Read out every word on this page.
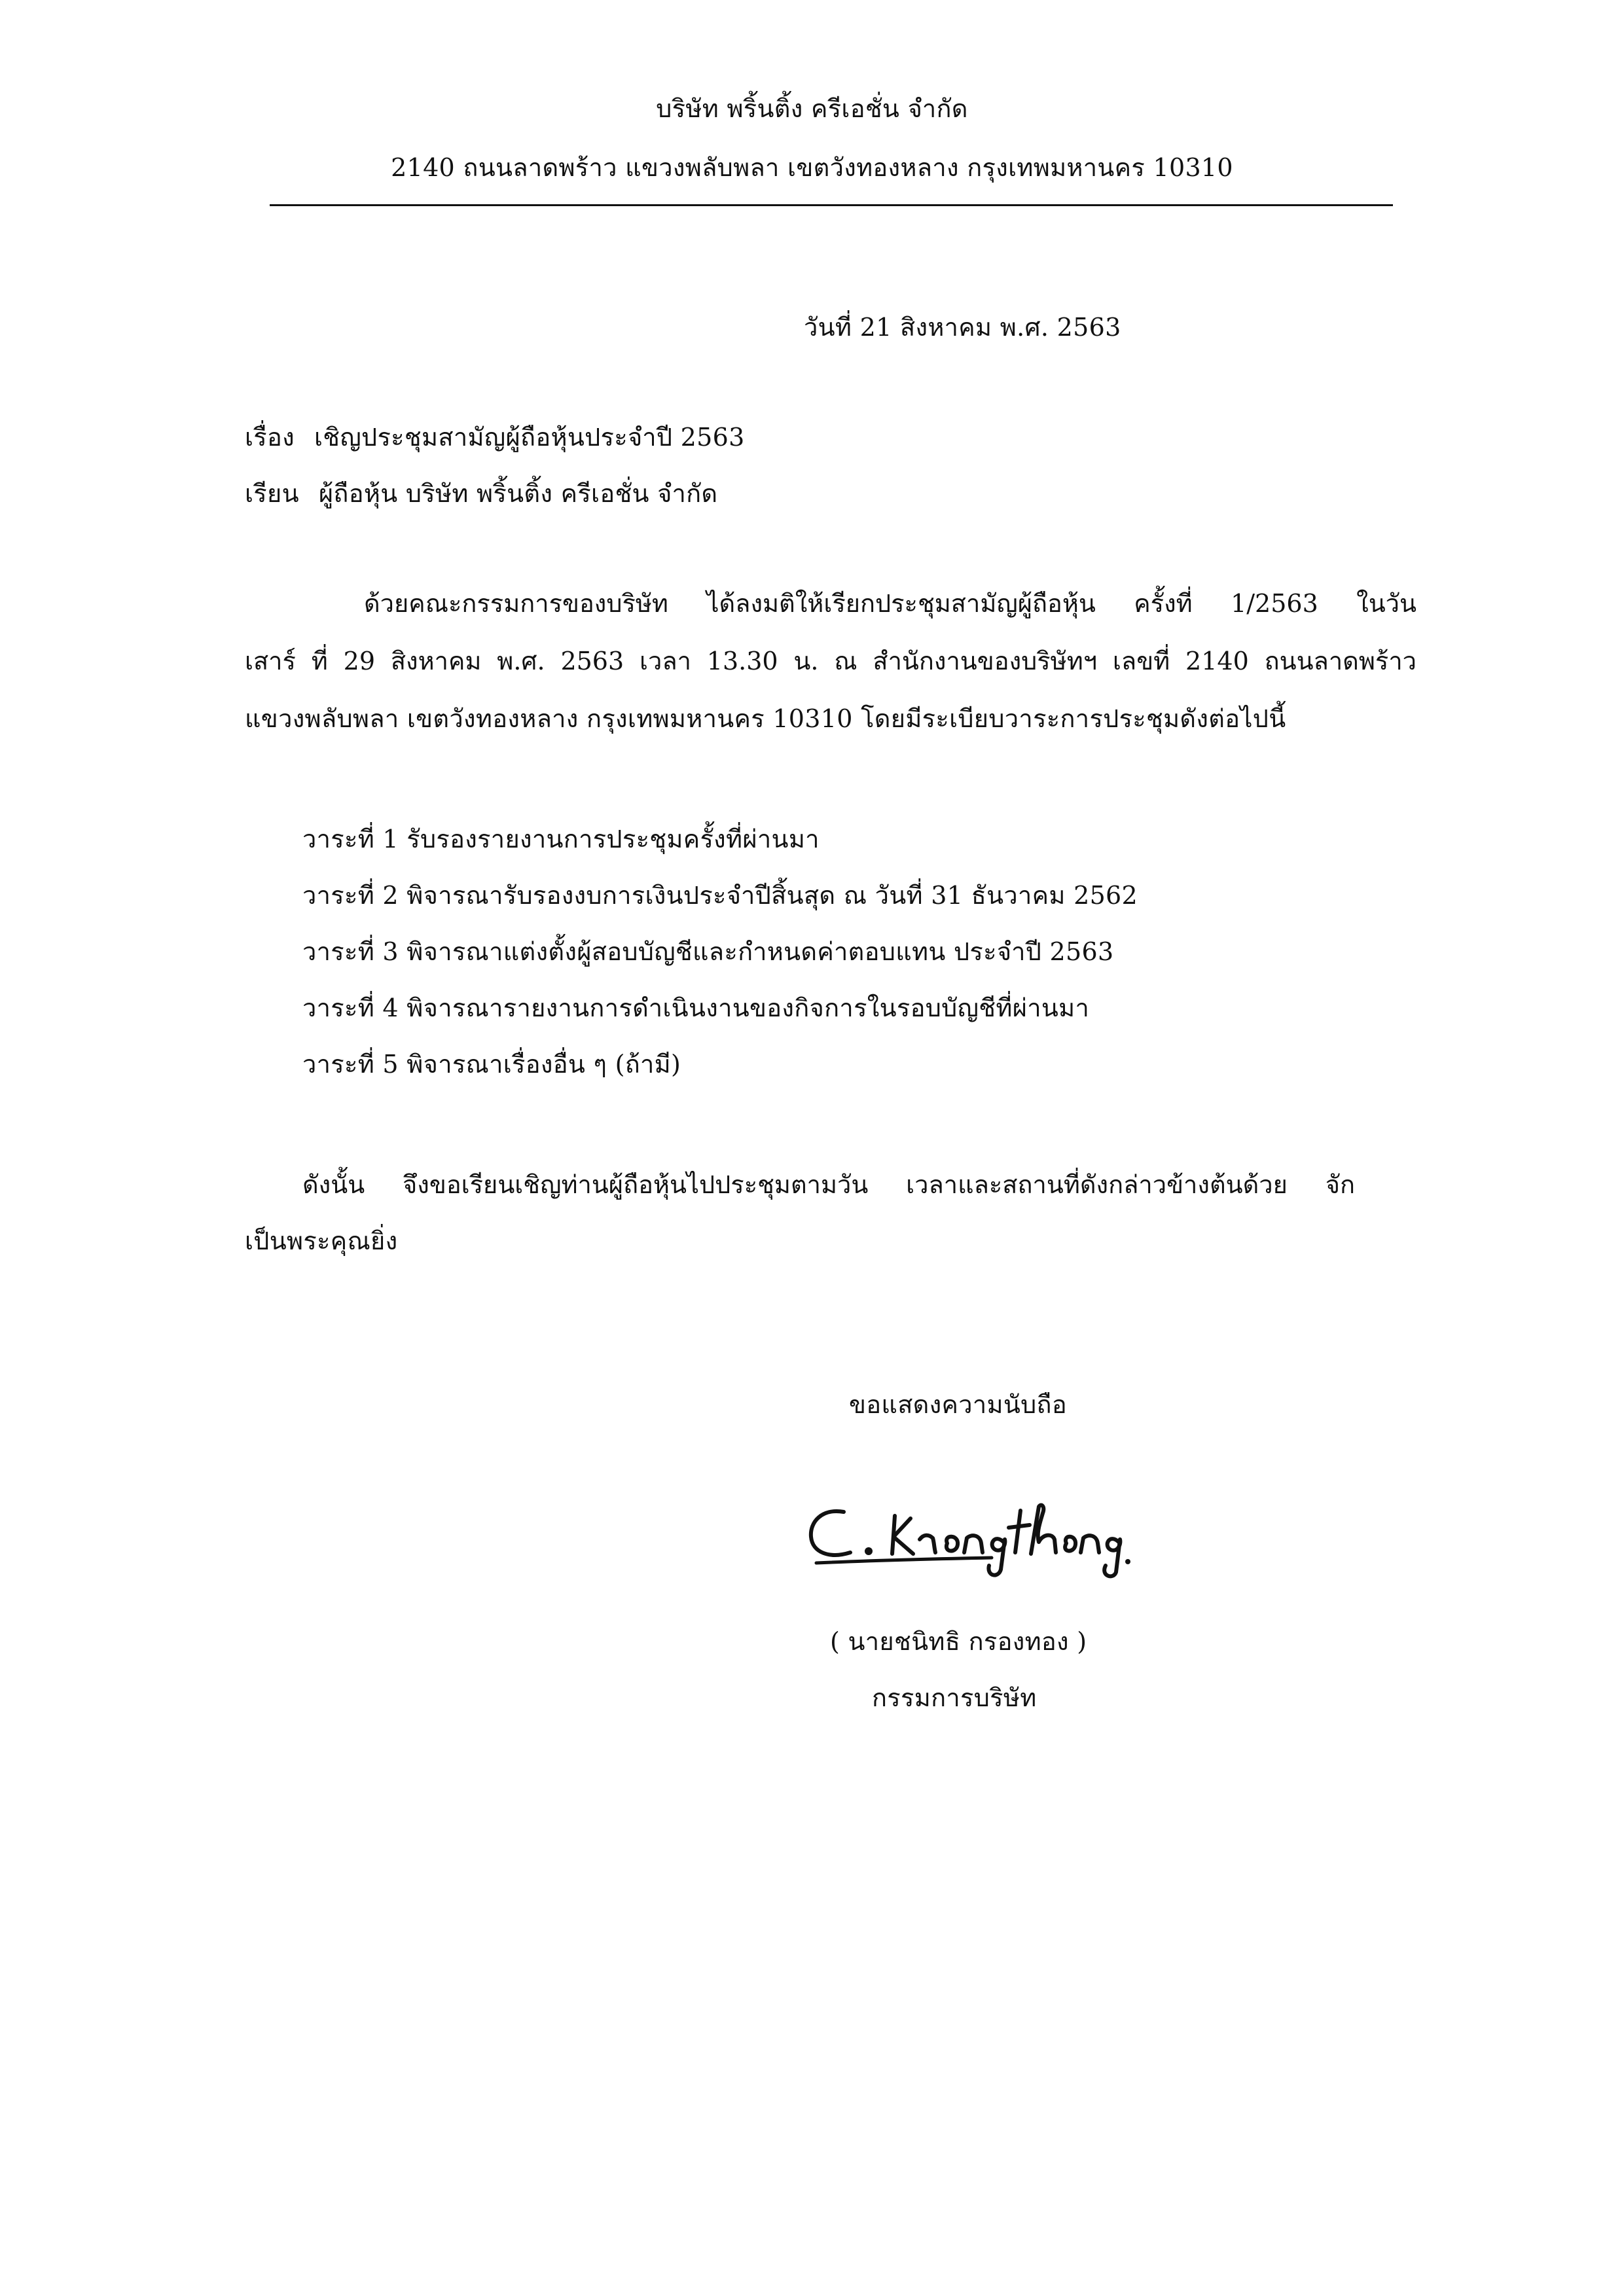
บริษัท พริ้นติ้ง ครีเอชั่น จำกัด
2140 ถนนลาดพร้าว แขวงพลับพลา เขตวังทองหลาง กรุงเทพมหานคร 10310
วันที่ 21 สิงหาคม พ.ศ. 2563
เรื่อง เชิญประชุมสามัญผู้ถือหุ้นประจำปี 2563
เรียน ผู้ถือหุ้น บริษัท พริ้นติ้ง ครีเอชั่น จำกัด
ด้วยคณะกรรมการของบริษัท ได้ลงมติให้เรียกประชุมสามัญผู้ถือหุ้น ครั้งที่ 1/2563 ในวัน
เสาร์ ที่ 29 สิงหาคม พ.ศ. 2563 เวลา 13.30 น. ณ สำนักงานของบริษัทฯ เลขที่ 2140 ถนนลาดพร้าว
แขวงพลับพลา เขตวังทองหลาง กรุงเทพมหานคร 10310 โดยมีระเบียบวาระการประชุมดังต่อไปนี้
วาระที่ 1 รับรองรายงานการประชุมครั้งที่ผ่านมา
วาระที่ 2 พิจารณารับรองงบการเงินประจำปีสิ้นสุด ณ วันที่ 31 ธันวาคม 2562
วาระที่ 3 พิจารณาแต่งตั้งผู้สอบบัญชีและกำหนดค่าตอบแทน ประจำปี 2563
วาระที่ 4 พิจารณารายงานการดำเนินงานของกิจการในรอบบัญชีที่ผ่านมา
วาระที่ 5 พิจารณาเรื่องอื่น ๆ (ถ้ามี)
ดังนั้น จึงขอเรียนเชิญท่านผู้ถือหุ้นไปประชุมตามวัน เวลาและสถานที่ดังกล่าวข้างต้นด้วย จัก
เป็นพระคุณยิ่ง
ขอแสดงความนับถือ
( นายชนิทธิ กรองทอง )
กรรมการบริษัท
